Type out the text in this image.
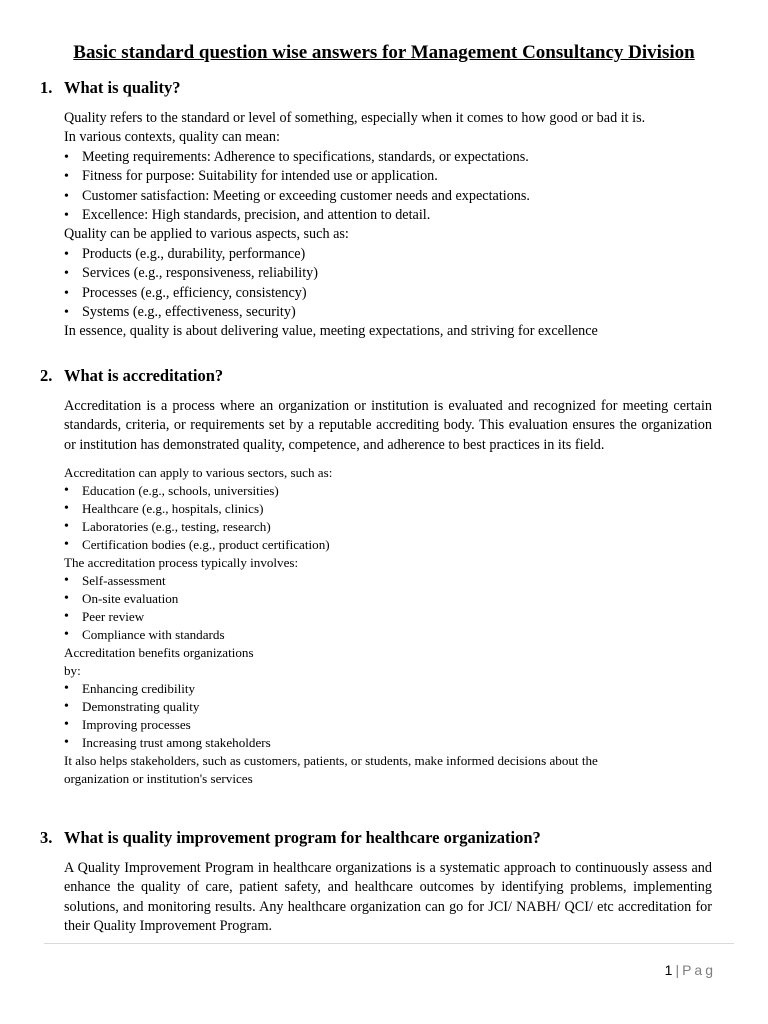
Basic standard question wise answers for Management Consultancy Division
1. What is quality?

Quality refers to the standard or level of something, especially when it comes to how good or bad it is. In various contexts, quality can mean:

• Meeting requirements: Adherence to specifications, standards, or expectations.
• Fitness for purpose: Suitability for intended use or application.
• Customer satisfaction: Meeting or exceeding customer needs and expectations.
• Excellence: High standards, precision, and attention to detail.

Quality can be applied to various aspects, such as:

• Products (e.g., durability, performance)
• Services (e.g., responsiveness, reliability)
• Processes (e.g., efficiency, consistency)
• Systems (e.g., effectiveness, security)

In essence, quality is about delivering value, meeting expectations, and striving for excellence

2. What is accreditation?

Accreditation is a process where an organization or institution is evaluated and recognized for meeting certain standards, criteria, or requirements set by a reputable accrediting body. This evaluation ensures the organization or institution has demonstrated quality, competence, and adherence to best practices in its field.

Accreditation can apply to various sectors, such as:

• Education (e.g., schools, universities)
• Healthcare (e.g., hospitals, clinics)
• Laboratories (e.g., testing, research)
• Certification bodies (e.g., product certification)

The accreditation process typically involves:

• Self-assessment
• On-site evaluation
• Peer review
• Compliance with standards

Accreditation benefits organizations

by:

• Enhancing credibility
• Demonstrating quality
• Improving processes
• Increasing trust among stakeholders

It also helps stakeholders, such as customers, patients, or students, make informed decisions about the organization or institution's services

3. What is quality improvement program for healthcare organization?

A Quality Improvement Program in healthcare organizations is a systematic approach to continuously assess and enhance the quality of care, patient safety, and healthcare outcomes by identifying problems, implementing solutions, and monitoring results. Any healthcare organization can go for JCI/ NABH/ QCI/ etc accreditation for their Quality Improvement Program.

1 | Pag
